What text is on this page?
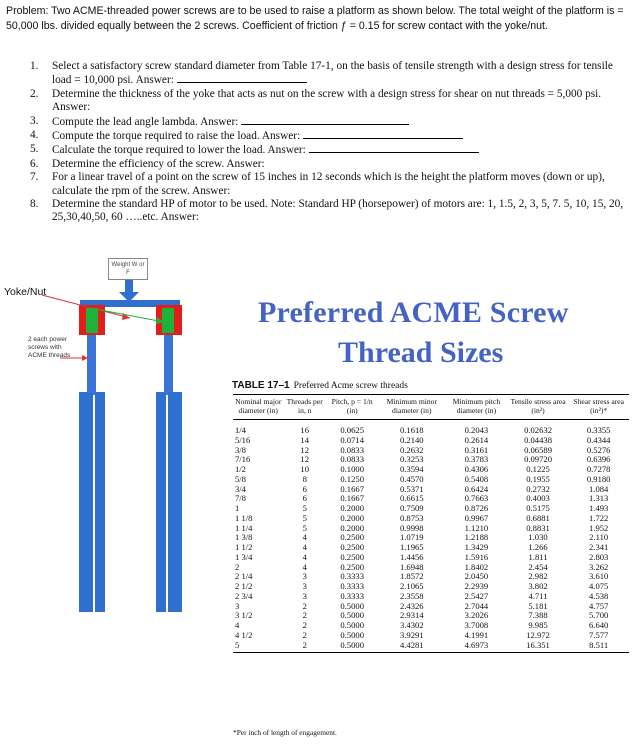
Problem: Two ACME-threaded power screws are to be used to raise a platform as shown below. The total weight of the platform is = 50,000 lbs. divided equally between the 2 screws. Coefficient of friction ƒ = 0.15 for screw contact with the yoke/nut.
1. Select a satisfactory screw standard diameter from Table 17-1, on the basis of tensile strength with a design stress for tensile load = 10,000 psi. Answer:
2. Determine the thickness of the yoke that acts as nut on the screw with a design stress for shear on nut threads = 5,000 psi. Answer:
3. Compute the lead angle lambda. Answer:
4. Compute the torque required to raise the load. Answer:
5. Calculate the torque required to lower the load. Answer:
6. Determine the efficiency of the screw. Answer:
7. For a linear travel of a point on the screw of 15 inches in 12 seconds which is the height the platform moves (down or up), calculate the rpm of the screw. Answer:
8. Determine the standard HP of motor to be used. Note: Standard HP (horsepower) of motors are: 1, 1.5, 2, 3, 5, 7. 5, 10, 15, 20, 25,30,40,50, 60 …..etc. Answer:
Weight W or F
Yoke/Nut
2 each power screws with ACME threads
Preferred ACME Screw
Thread Sizes
TABLE 17–1 Preferred Acme screw threads
Nominal major diameter (in)	Threads per in, n	Pitch, p = 1/n (in)	Minimum minor diameter (in)	Minimum pitch diameter (in)	Tensile stress area (in²)	Shear stress area (in²)*
1/4	16	0.0625	0.1618	0.2043	0.02632	0.3355
5/16	14	0.0714	0.2140	0.2614	0.04438	0.4344
3/8	12	0.0833	0.2632	0.3161	0.06589	0.5276
7/16	12	0.0833	0.3253	0.3783	0.09720	0.6396
1/2	10	0.1000	0.3594	0.4306	0.1225	0.7278
5/8	8	0.1250	0.4570	0.5408	0.1955	0.9180
3/4	6	0.1667	0.5371	0.6424	0.2732	1.084
7/8	6	0.1667	0.6615	0.7663	0.4003	1.313
1	5	0.2000	0.7509	0.8726	0.5175	1.493
1 1/8	5	0.2000	0.8753	0.9967	0.6881	1.722
1 1/4	5	0.2000	0.9998	1.1210	0.8831	1.952
1 3/8	4	0.2500	1.0719	1.2188	1.030	2.110
1 1/2	4	0.2500	1.1965	1.3429	1.266	2.341
1 3/4	4	0.2500	1.4456	1.5916	1.811	2.803
2	4	0.2500	1.6948	1.8402	2.454	3.262
2 1/4	3	0.3333	1.8572	2.0450	2.982	3.610
2 1/2	3	0.3333	2.1065	2.2939	3.802	4.075
2 3/4	3	0.3333	2.3558	2.5427	4.711	4.538
3	2	0.5000	2.4326	2.7044	5.181	4.757
3 1/2	2	0.5000	2.9314	3.2026	7.388	5.700
4	2	0.5000	3.4302	3.7008	9.985	6.640
4 1/2	2	0.5000	3.9291	4.1991	12.972	7.577
5	2	0.5000	4.4281	4.6973	16.351	8.511
*Per inch of length of engagement.
